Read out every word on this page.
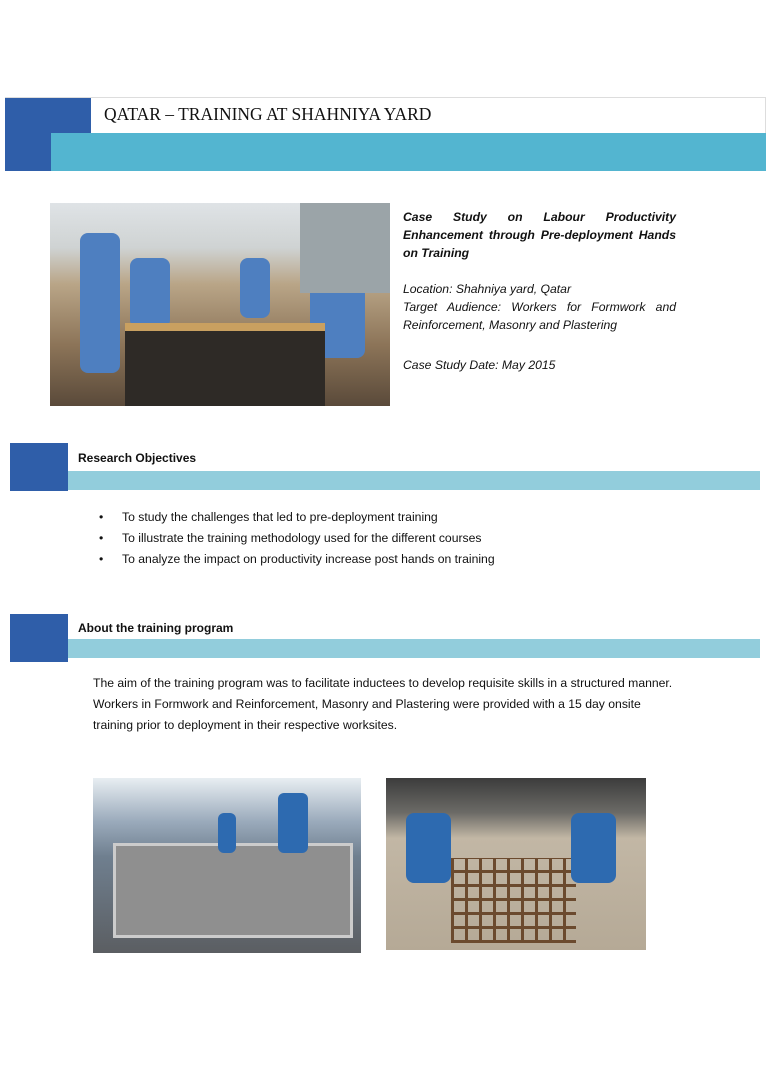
QATAR – TRAINING AT SHAHNIYA YARD

Case Study on Labour Productivity

Enhancement through Pre-deployment Hands

on Training

Location: Shahniya yard, Qatar

Target Audience: Workers for Formwork and

Reinforcement, Masonry and Plastering

Case Study Date: May 2015

Research Objectives
• To study the challenges that led to pre-deployment training
• To illustrate the training methodology used for the different courses
• To analyze the impact on productivity increase post hands on training
About the training program
The aim of the training program was to facilitate inductees to develop requisite skills in a structured manner. Workers in Formwork and Reinforcement, Masonry and Plastering were provided with a 15 day onsite training prior to deployment in their respective worksites.
